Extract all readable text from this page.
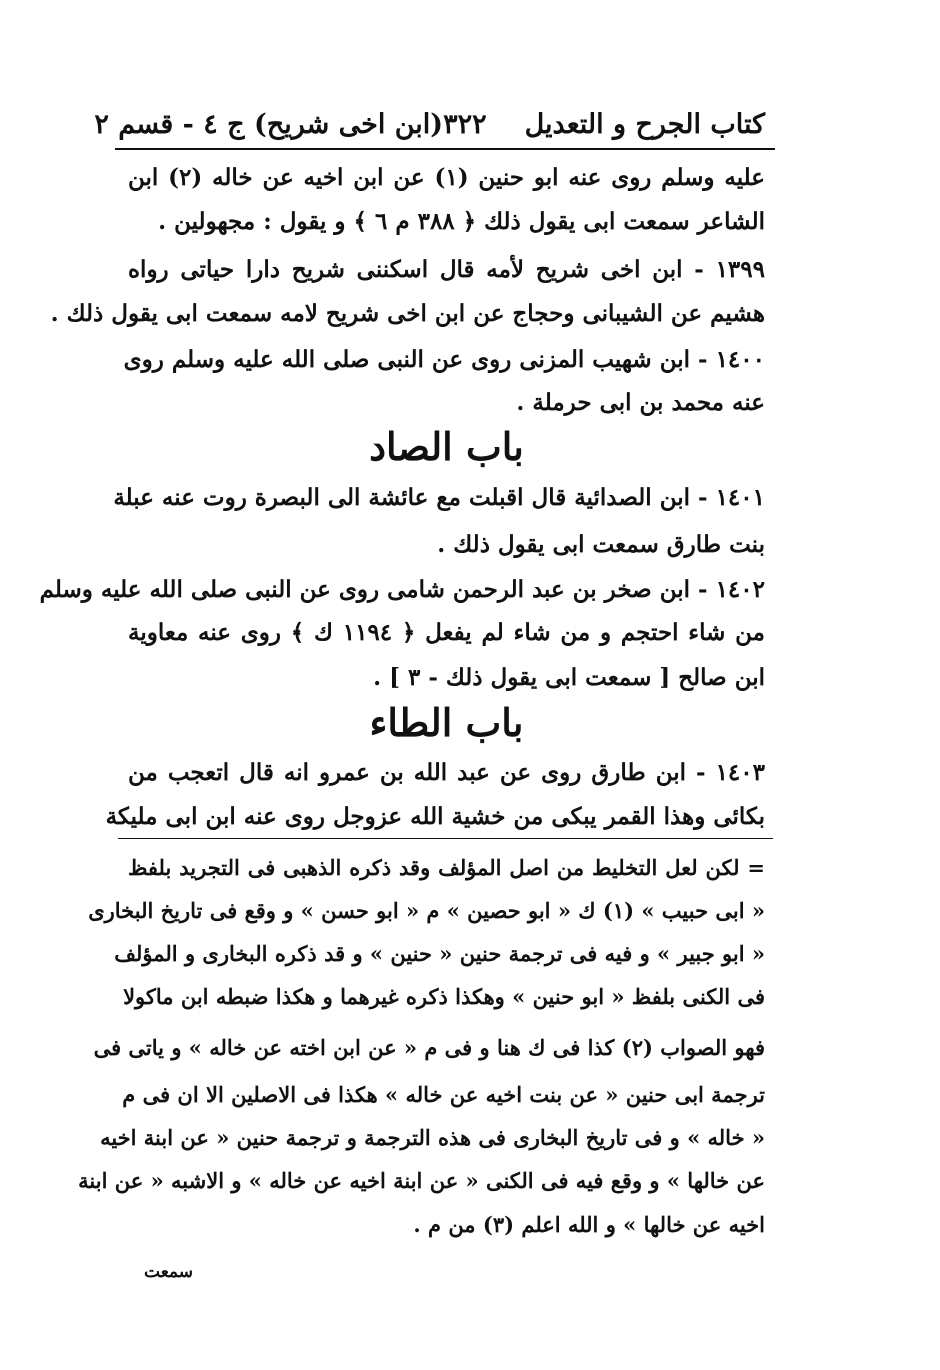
كتاب الجرح و التعديل
٣٢٢
(ابن اخى شريح) ج ٤ - قسم ٢
عليه وسلم روى عنه ابو حنين (١) عن ابن اخيه عن خاله (٢) ابن
الشاعر سمعت ابى يقول ذلك ﴿ ٣٨٨ م ٦ ﴾ و يقول : مجهولين .
١٣٩٩ - ابن اخى شريح لأمه قال اسكننى شريح دارا حياتى رواه
هشيم عن الشيبانى وحجاج عن ابن اخى شريح لامه سمعت ابى يقول ذلك .
١٤٠٠ - ابن شهيب المزنى روى عن النبى صلى الله عليه وسلم روى
عنه محمد بن ابى حرملة .
باب الصاد
١٤٠١ - ابن الصدائية قال اقبلت مع عائشة الى البصرة روت عنه عبلة
بنت طارق سمعت ابى يقول ذلك .
١٤٠٢ - ابن صخر بن عبد الرحمن شامى روى عن النبى صلى الله عليه وسلم
من شاء احتجم و من شاء لم يفعل ﴿ ١١٩٤ ك ﴾ روى عنه معاوية
ابن صالح [ سمعت ابى يقول ذلك - ٣ ] .
باب الطاء
١٤٠٣ - ابن طارق روى عن عبد الله بن عمرو انه قال اتعجب من
بكائى وهذا القمر يبكى من خشية الله عزوجل روى عنه ابن ابى مليكة
= لكن لعل التخليط من اصل المؤلف وقد ذكره الذهبى فى التجريد بلفظ
« ابى حبيب » (١) ك « ابو حصين » م « ابو حسن » و وقع فى تاريخ البخارى
« ابو جبير » و فيه فى ترجمة حنين « حنين » و قد ذكره البخارى و المؤلف
فى الكنى بلفظ « ابو حنين » وهكذا ذكره غيرهما و هكذا ضبطه ابن ماكولا
فهو الصواب (٢) كذا فى ك هنا و فى م « عن ابن اخته عن خاله » و ياتى فى
ترجمة ابى حنين « عن بنت اخيه عن خاله » هكذا فى الاصلين الا ان فى م
« خاله » و فى تاريخ البخارى فى هذه الترجمة و ترجمة حنين « عن ابنة اخيه
عن خالها » و وقع فيه فى الكنى « عن ابنة اخيه عن خاله » و الاشبه « عن ابنة
اخيه عن خالها » و الله اعلم (٣) من م .
سمعت
